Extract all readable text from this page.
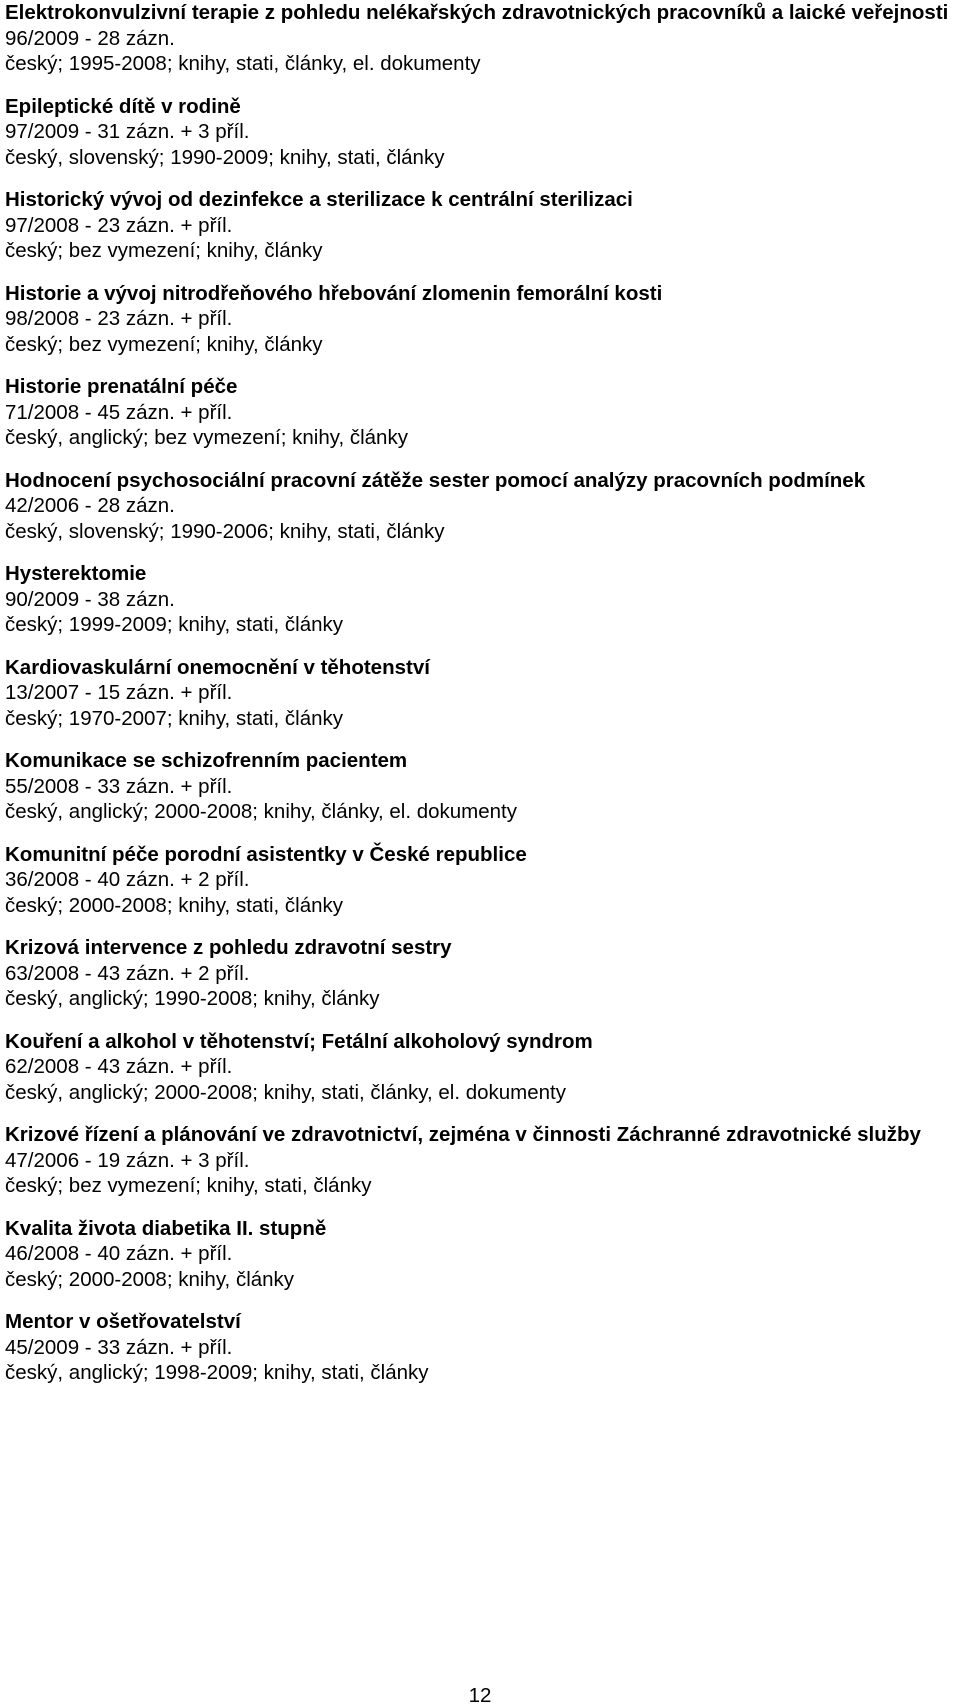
Elektrokonvulzivní terapie z pohledu nelékařských zdravotnických pracovníků a laické veřejnosti
96/2009 - 28 zázn.
český; 1995-2008; knihy, stati, články, el. dokumenty
Epileptické dítě v rodině
97/2009 - 31 zázn. + 3 příl.
český, slovenský; 1990-2009; knihy, stati, články
Historický vývoj od dezinfekce a sterilizace k centrální sterilizaci
97/2008 - 23 zázn. + příl.
český; bez vymezení; knihy, články
Historie a vývoj nitrodřeňového hřebování zlomenin femorální kosti
98/2008 - 23 zázn. + příl.
český; bez vymezení; knihy, články
Historie prenatální péče
71/2008 - 45 zázn. + příl.
český, anglický; bez vymezení; knihy, články
Hodnocení psychosociální pracovní zátěže sester pomocí analýzy pracovních podmínek
42/2006 - 28 zázn.
český, slovenský; 1990-2006; knihy, stati, články
Hysterektomie
90/2009 - 38 zázn.
český; 1999-2009; knihy, stati, články
Kardiovaskulární onemocnění v těhotenství
13/2007 - 15 zázn. + příl.
český; 1970-2007; knihy, stati, články
Komunikace se schizofrenním pacientem
55/2008 - 33 zázn. + příl.
český, anglický; 2000-2008; knihy, články, el. dokumenty
Komunitní péče porodní asistentky v České republice
36/2008 - 40 zázn. + 2 příl.
český; 2000-2008; knihy, stati, články
Krizová intervence z pohledu zdravotní sestry
63/2008 - 43 zázn. + 2 příl.
český, anglický; 1990-2008; knihy, články
Kouření a alkohol v těhotenství; Fetální alkoholový syndrom
62/2008 - 43 zázn. + příl.
český, anglický; 2000-2008; knihy, stati, články, el. dokumenty
Krizové řízení a plánování ve zdravotnictví, zejména v činnosti Záchranné zdravotnické služby
47/2006 - 19 zázn. + 3 příl.
český; bez vymezení; knihy, stati, články
Kvalita života diabetika II. stupně
46/2008 - 40 zázn. + příl.
český; 2000-2008; knihy, články
Mentor v ošetřovatelství
45/2009 - 33 zázn. + příl.
český, anglický; 1998-2009; knihy, stati, články
12
